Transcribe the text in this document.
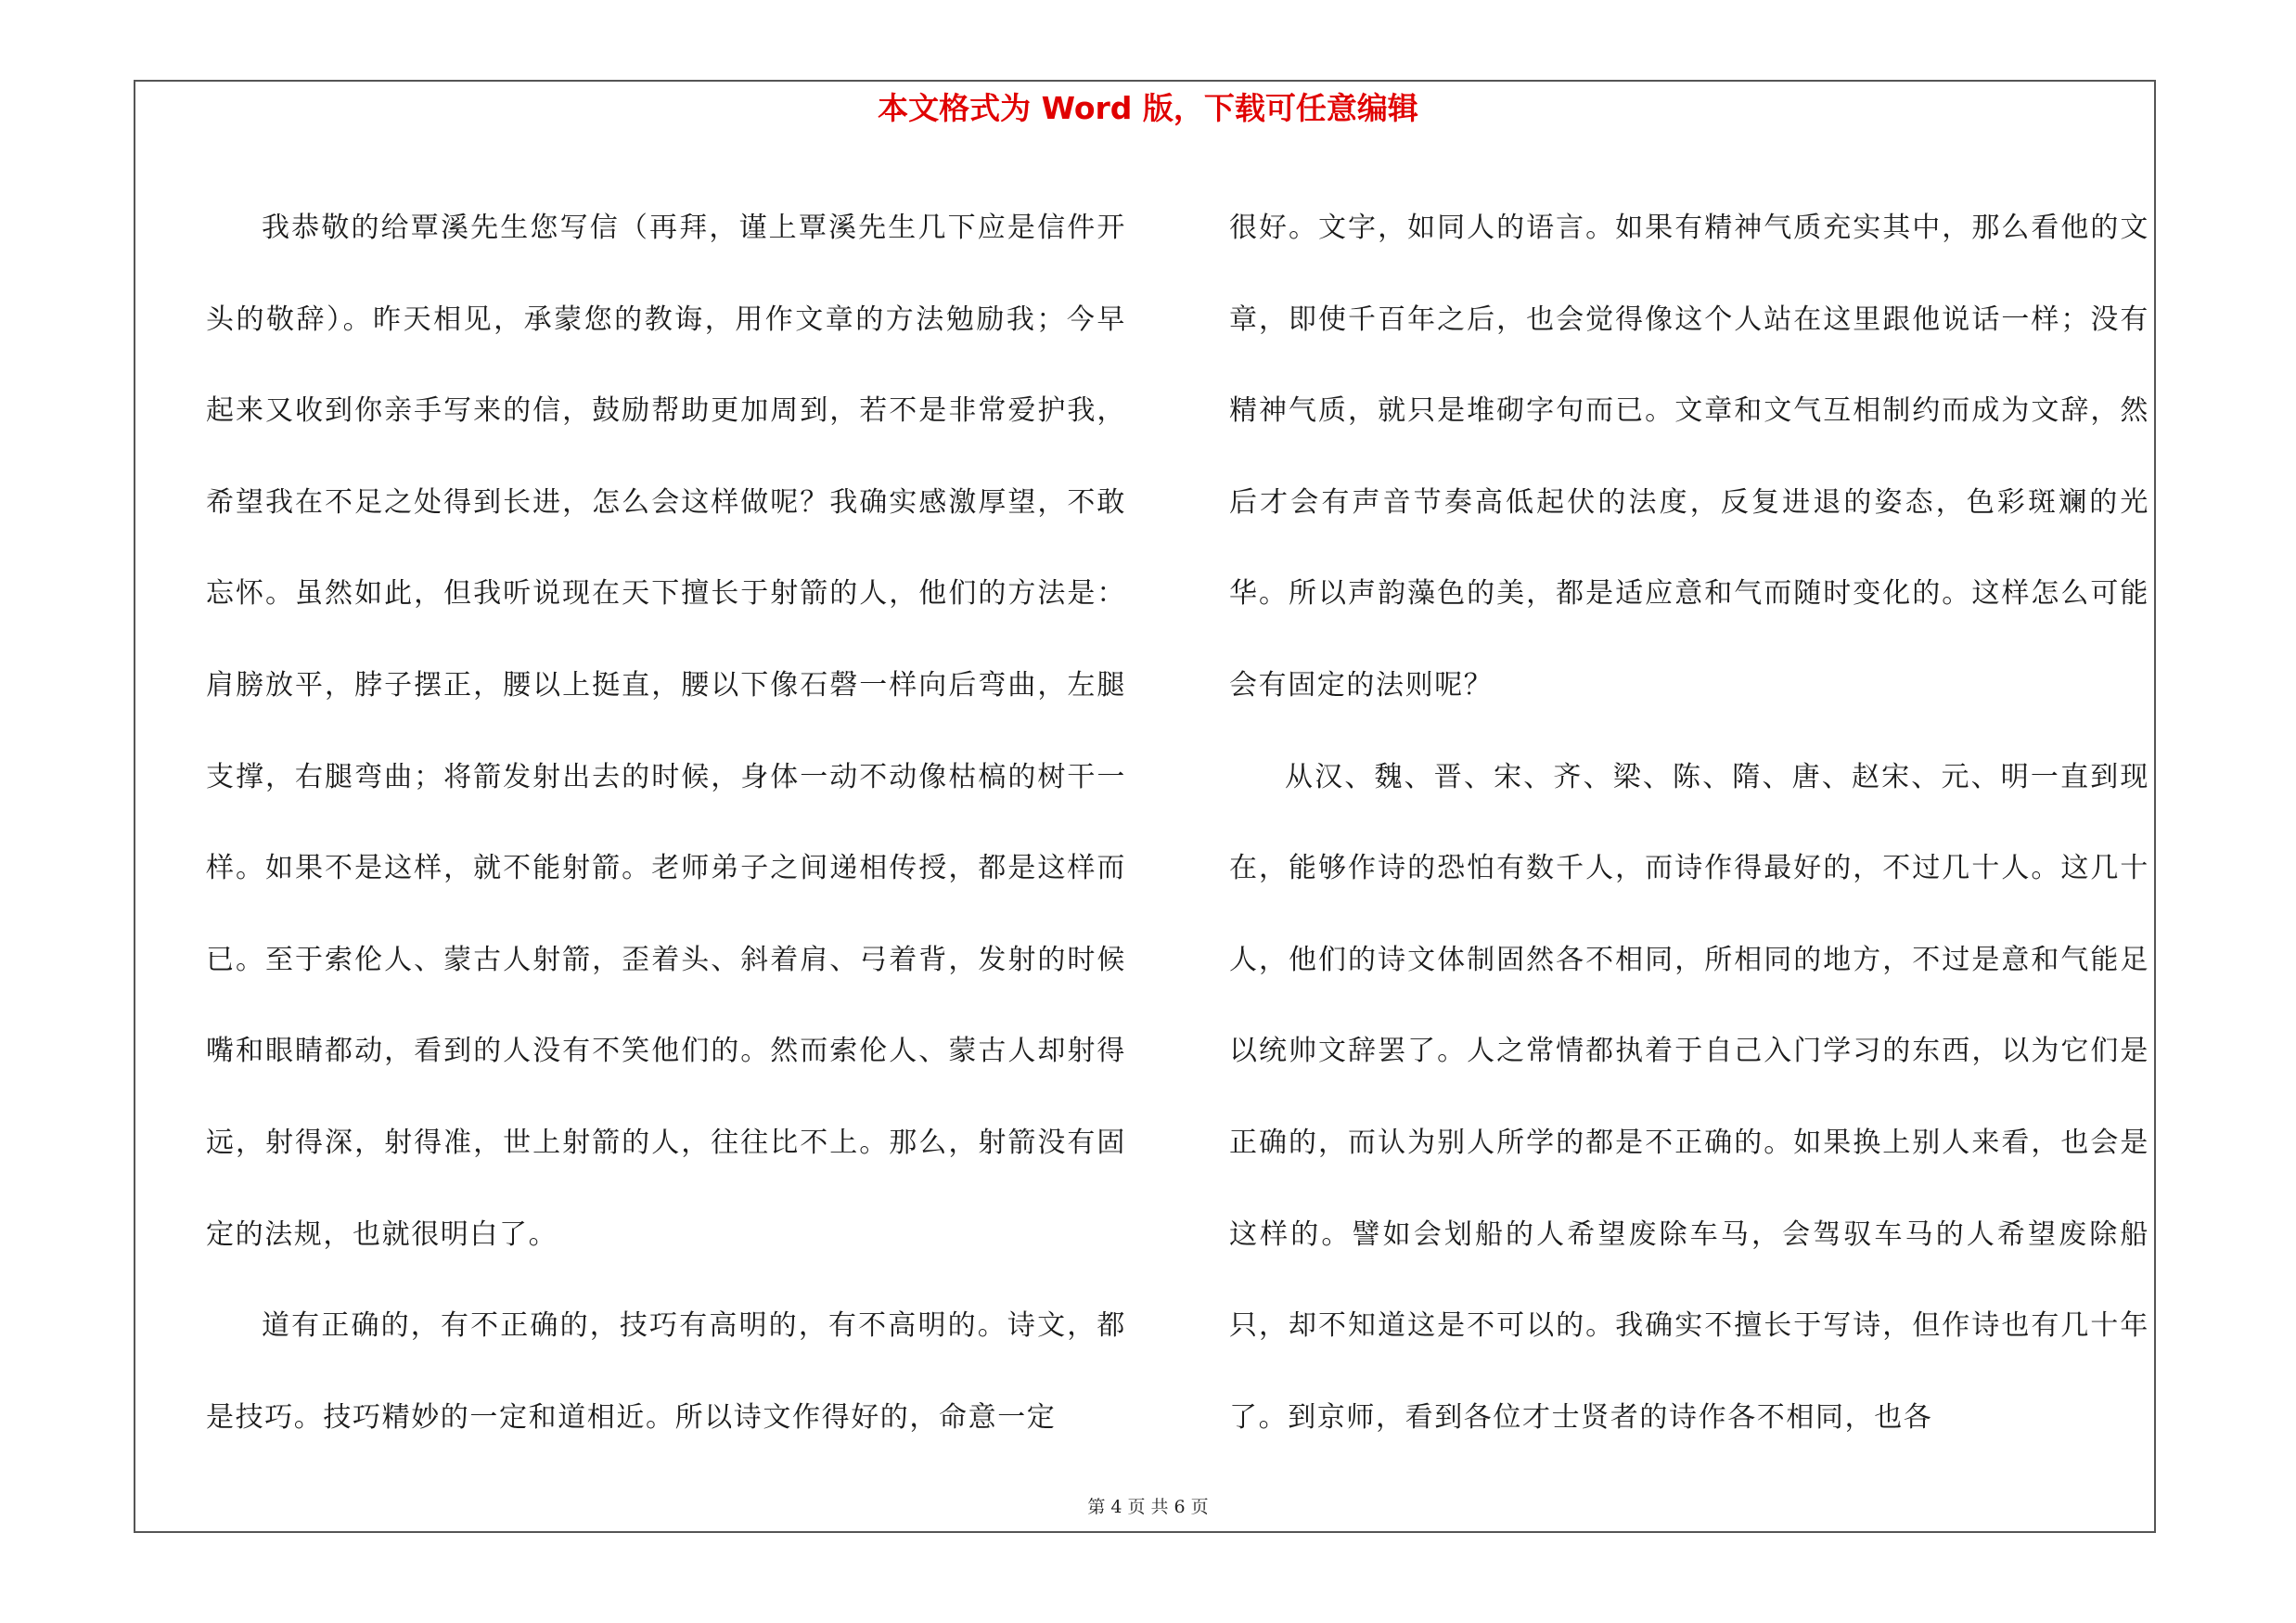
本文格式为 Word 版，下载可任意编辑

我恭敬的给覃溪先生您写信（再拜，谨上覃溪先生几下应是信件开头的敬辞）。昨天相见，承蒙您的教诲，用作文章的方法勉励我；今早起来又收到你亲手写来的信，鼓励帮助更加周到，若不是非常爱护我，希望我在不足之处得到长进，怎么会这样做呢？我确实感激厚望，不敢忘怀。虽然如此，但我听说现在天下擅长于射箭的人，他们的方法是：肩膀放平，脖子摆正，腰以上挺直，腰以下像石磬一样向后弯曲，左腿支撑，右腿弯曲；将箭发射出去的时候，身体一动不动像枯槁的树干一样。如果不是这样，就不能射箭。老师弟子之间递相传授，都是这样而已。至于索伦人、蒙古人射箭，歪着头、斜着肩、弓着背，发射的时候嘴和眼睛都动，看到的人没有不笑他们的。然而索伦人、蒙古人却射得远，射得深，射得准，世上射箭的人，往往比不上。那么，射箭没有固定的法规，也就很明白了。

道有正确的，有不正确的，技巧有高明的，有不高明的。诗文，都是技巧。技巧精妙的一定和道相近。所以诗文作得好的，命意一定

很好。文字，如同人的语言。如果有精神气质充实其中，那么看他的文章，即使千百年之后，也会觉得像这个人站在这里跟他说话一样；没有精神气质，就只是堆砌字句而已。文章和文气互相制约而成为文辞，然后才会有声音节奏高低起伏的法度，反复进退的姿态，色彩斑斓的光华。所以声韵藻色的美，都是适应意和气而随时变化的。这样怎么可能会有固定的法则呢？

从汉、魏、晋、宋、齐、梁、陈、隋、唐、赵宋、元、明一直到现在，能够作诗的恐怕有数千人，而诗作得最好的，不过几十人。这几十人，他们的诗文体制固然各不相同，所相同的地方，不过是意和气能足以统帅文辞罢了。人之常情都执着于自己入门学习的东西，以为它们是正确的，而认为别人所学的都是不正确的。如果换上别人来看，也会是这样的。譬如会划船的人希望废除车马，会驾驭车马的人希望废除船只，却不知道这是不可以的。我确实不擅长于写诗，但作诗也有几十年了。到京师，看到各位才士贤者的诗作各不相同，也各

第 4 页 共 6 页
